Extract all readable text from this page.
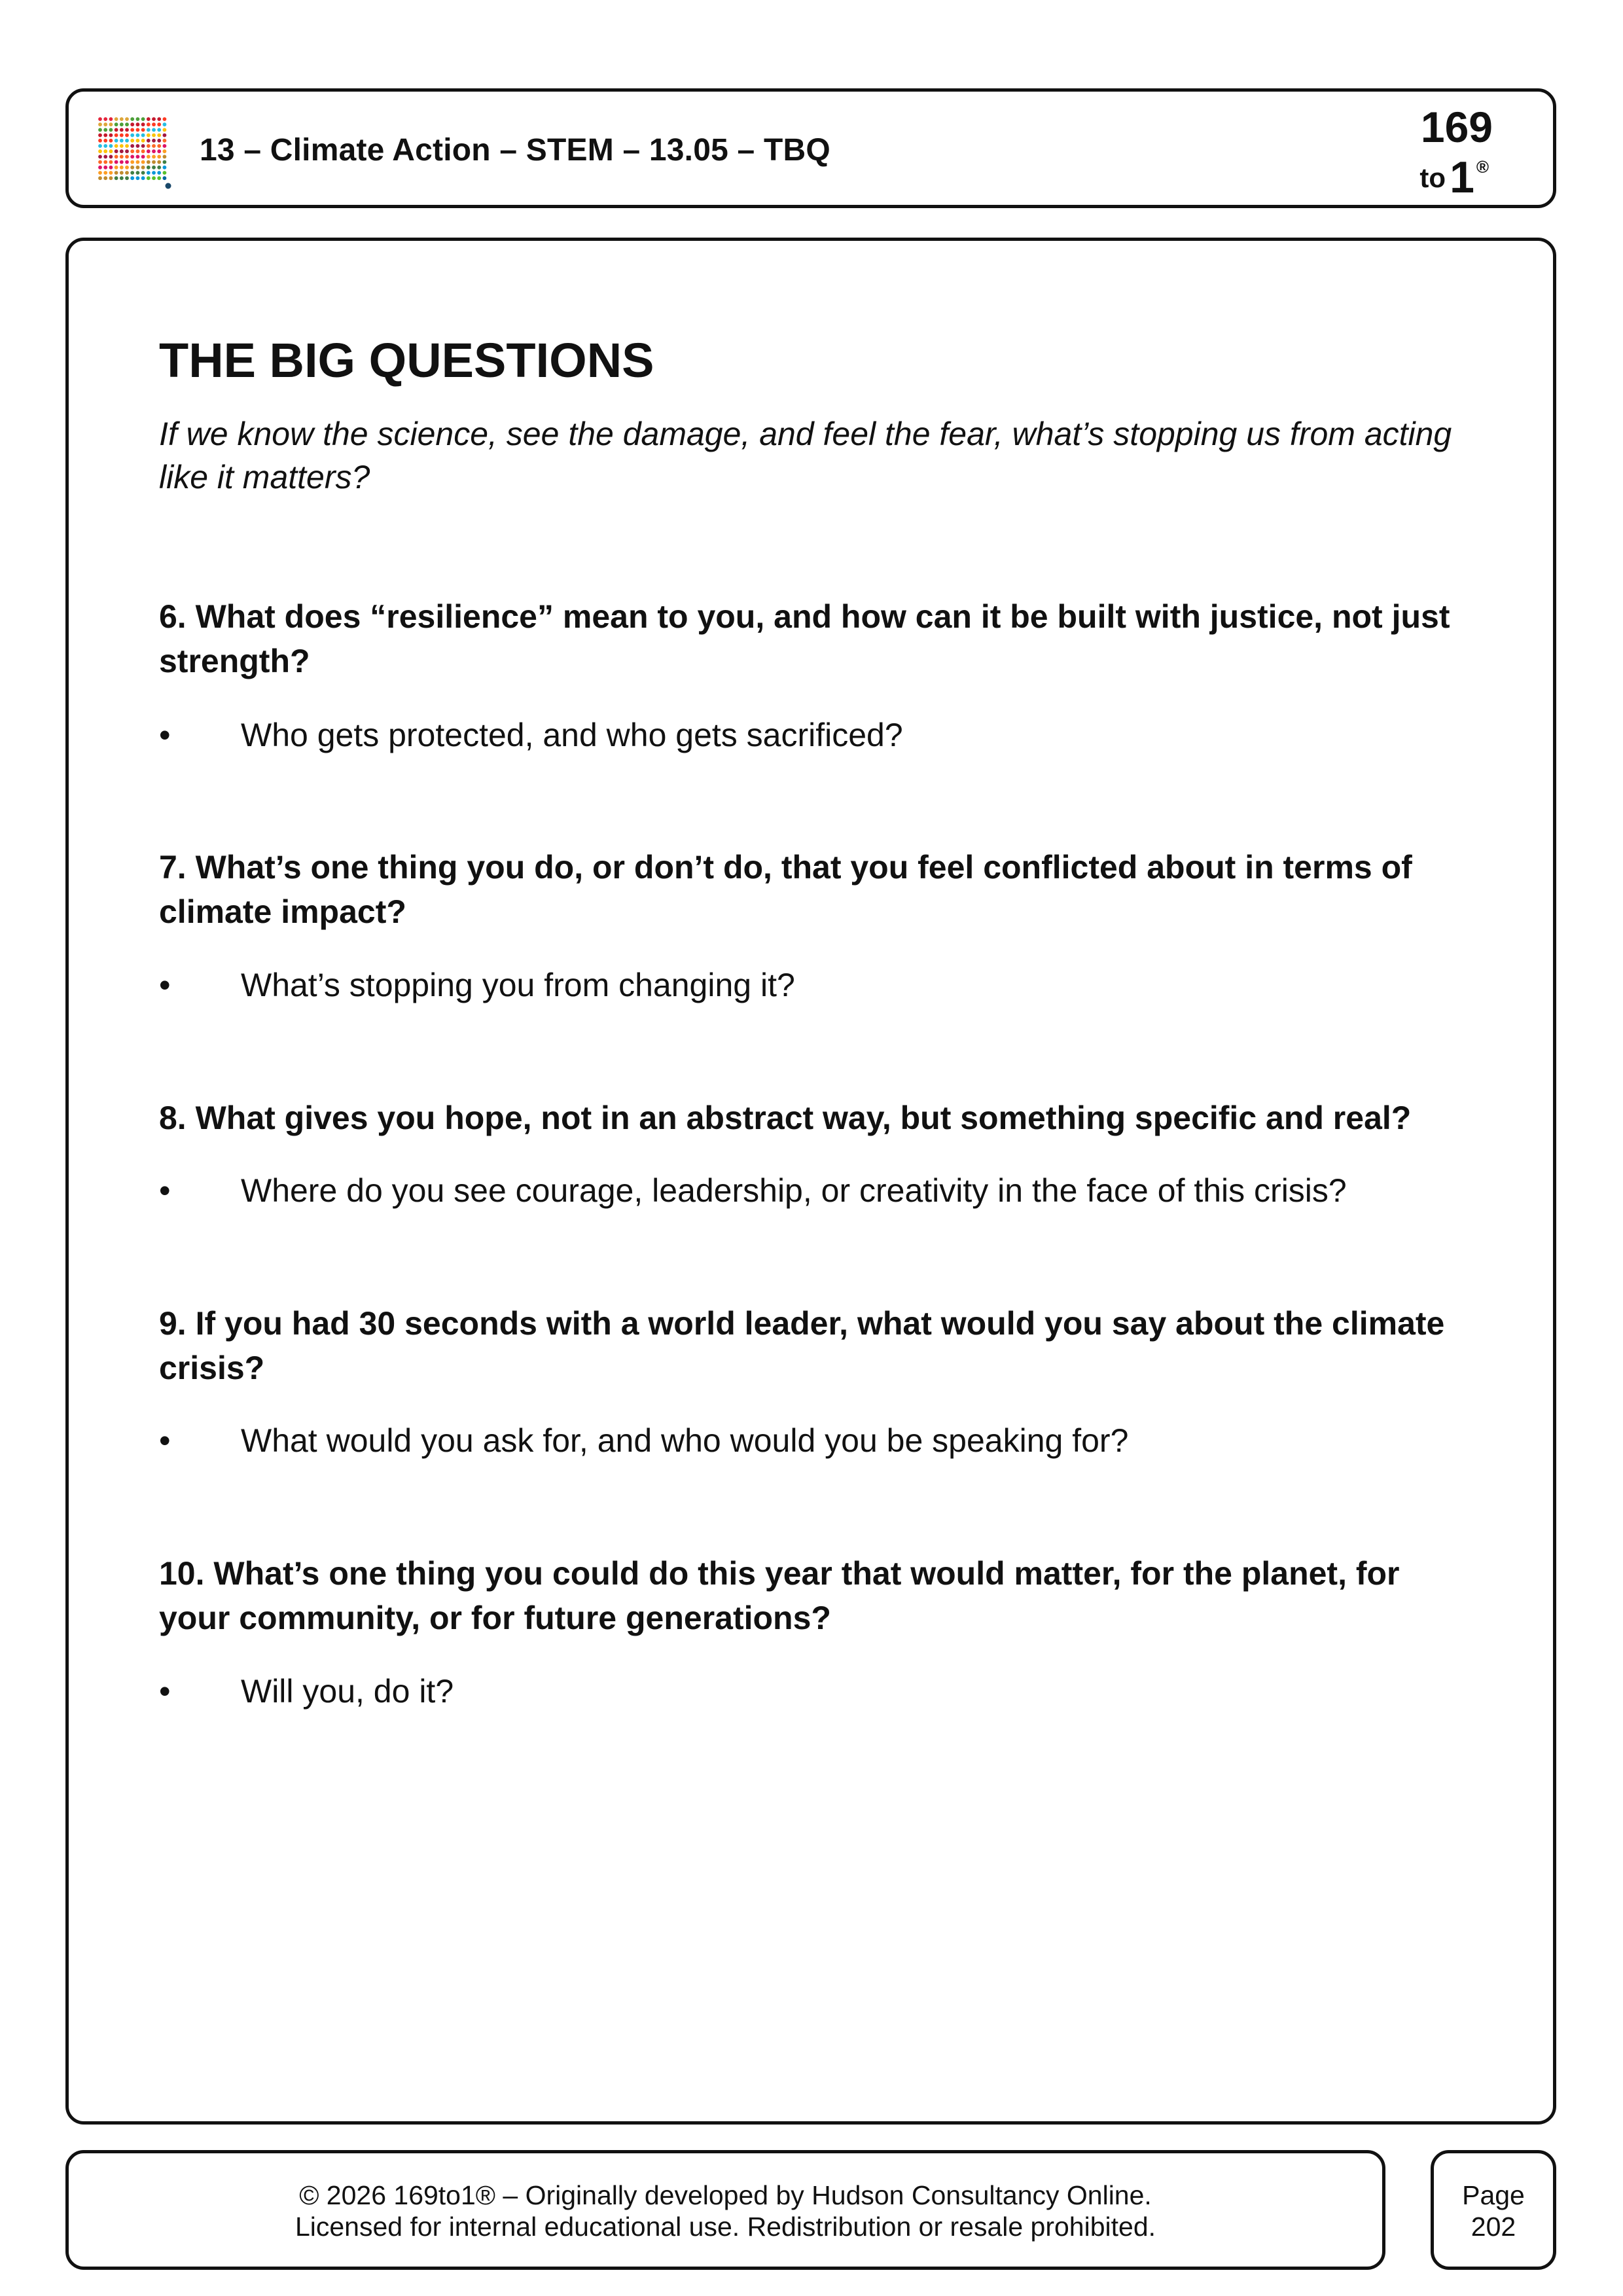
13 – Climate Action – STEM – 13.05 – TBQ	169
to 1 ®
THE BIG QUESTIONS
If we know the science, see the damage, and feel the fear, what’s stopping us from acting like it matters?
6. What does “resilience” mean to you, and how can it be built with justice, not just strength?
• Who gets protected, and who gets sacrificed?
7. What’s one thing you do, or don’t do, that you feel conflicted about in terms of climate impact?
• What’s stopping you from changing it?
8. What gives you hope, not in an abstract way, but something specific and real?
• Where do you see courage, leadership, or creativity in the face of this crisis?
9. If you had 30 seconds with a world leader, what would you say about the climate crisis?
• What would you ask for, and who would you be speaking for?
10. What’s one thing you could do this year that would matter, for the planet, for your community, or for future generations?
• Will you, do it?
© 2026 169to1® – Originally developed by Hudson Consultancy Online.
Licensed for internal educational use. Redistribution or resale prohibited.
Page
202
